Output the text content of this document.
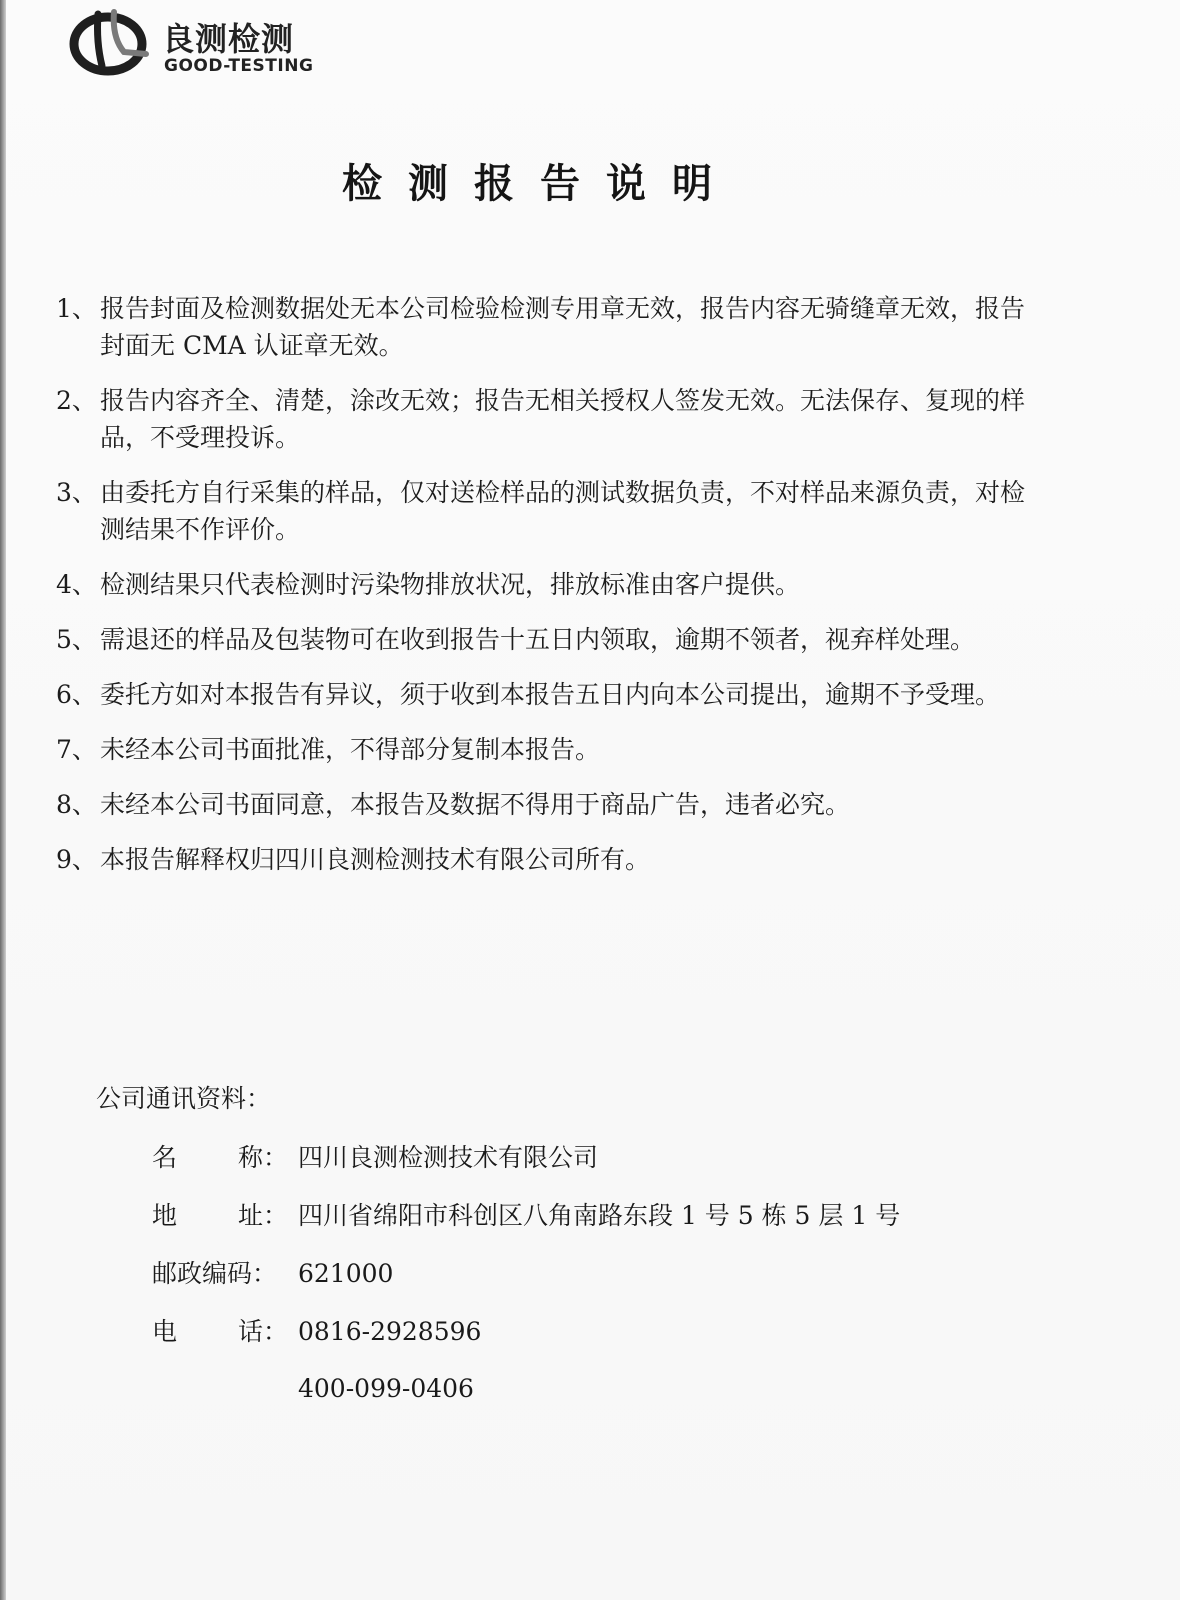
良测检测
GOOD-TESTING
检测报告说明
1、 报告封面及检测数据处无本公司检验检测专用章无效，报告内容无骑缝章无效，报告封面无 CMA 认证章无效。
2、 报告内容齐全、清楚，涂改无效；报告无相关授权人签发无效。无法保存、复现的样品，不受理投诉。
3、 由委托方自行采集的样品，仅对送检样品的测试数据负责，不对样品来源负责，对检测结果不作评价。
4、 检测结果只代表检测时污染物排放状况，排放标准由客户提供。
5、 需退还的样品及包装物可在收到报告十五日内领取，逾期不领者，视弃样处理。
6、 委托方如对本报告有异议，须于收到本报告五日内向本公司提出，逾期不予受理。
7、 未经本公司书面批准，不得部分复制本报告。
8、 未经本公司书面同意，本报告及数据不得用于商品广告，违者必究。
9、 本报告解释权归四川良测检测技术有限公司所有。
公司通讯资料：
名 称： 四川良测检测技术有限公司
地 址： 四川省绵阳市科创区八角南路东段 1 号 5 栋 5 层 1 号
邮政编码： 621000
电 话： 0816-2928596
400-099-0406
